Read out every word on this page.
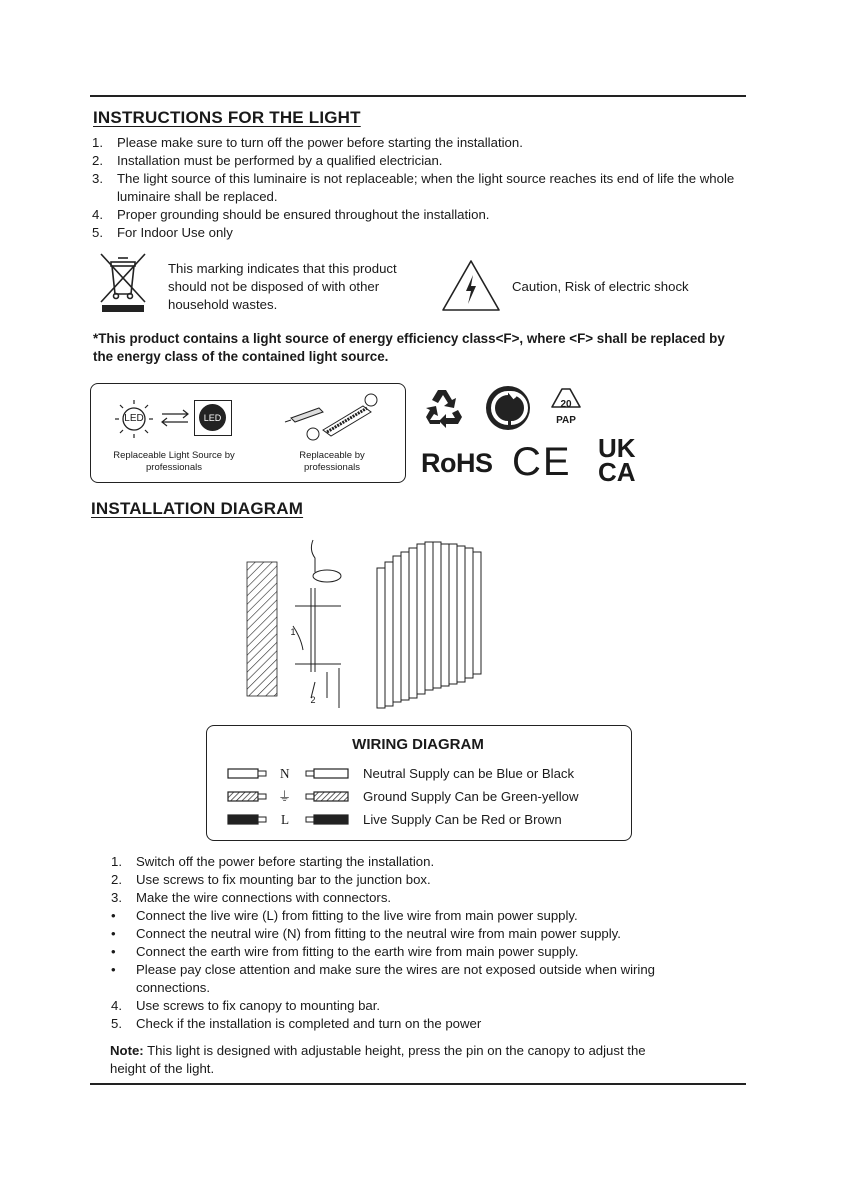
INSTRUCTIONS FOR THE LIGHT
1. Please make sure to turn off the power before starting the installation.
2. Installation must be performed by a qualified electrician.
3. The light source of this luminaire is not replaceable; when the light source reaches its end of life the whole luminaire shall be replaced.
4. Proper grounding should be ensured throughout the installation.
5. For Indoor Use only
This marking indicates that this product should not be disposed of with other household wastes.
Caution, Risk of electric shock
*This product contains a light source of energy efficiency class<F>, where <F> shall be replaced by the energy class of the contained light source.
LED	LED
Replaceable Light Source by professionals
Replaceable by professionals
20
PAP
RoHS CE UK
CA
INSTALLATION DIAGRAM
1
2
WIRING DIAGRAM
N	Neutral Supply can be Blue or Black
⏚	Ground Supply Can be Green-yellow
L	Live Supply Can be Red or Brown
1. Switch off the power before starting the installation.
2. Use screws to fix mounting bar to the junction box.
3. Make the wire connections with connectors.
• Connect the live wire (L) from fitting to the live wire from main power supply.
• Connect the neutral wire (N) from fitting to the neutral wire from main power supply.
• Connect the earth wire from fitting to the earth wire from main power supply.
• Please pay close attention and make sure the wires are not exposed outside when wiring connections.
4. Use screws to fix canopy to mounting bar.
5. Check if the installation is completed and turn on the power
Note: This light is designed with adjustable height, press the pin on the canopy to adjust the height of the light.
